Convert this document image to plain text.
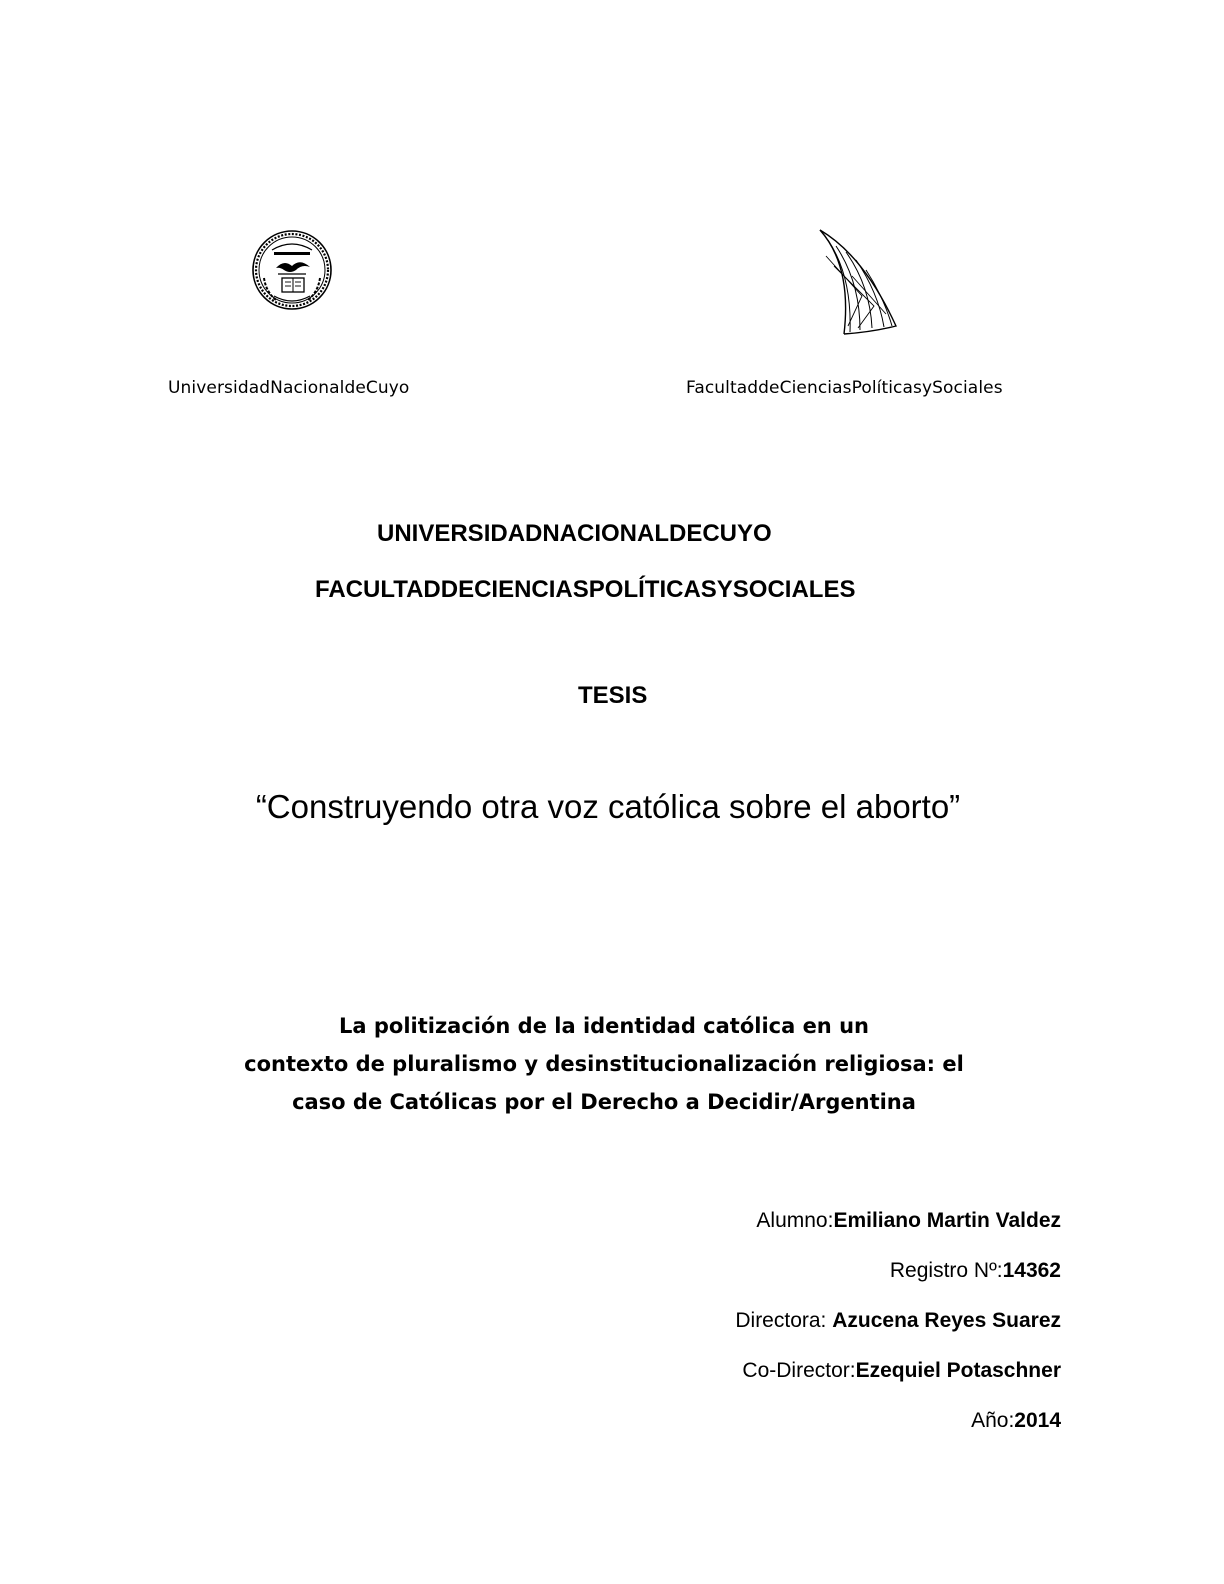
UniversidadNacionaldeCuyo	FacultaddeCienciasPolíticasySociales
UNIVERSIDADNACIONALDECUYO
FACULTADDECIENCIASPOLÍTICASYSOCIALES
TESIS
“Construyendo otra voz católica sobre el aborto”
La politización de la identidad católica en un
contexto de pluralismo y desinstitucionalización religiosa: el
caso de Católicas por el Derecho a Decidir/Argentina
Alumno:Emiliano Martin Valdez
Registro Nº:14362
Directora: Azucena Reyes Suarez
Co-Director:Ezequiel Potaschner
Año:2014
